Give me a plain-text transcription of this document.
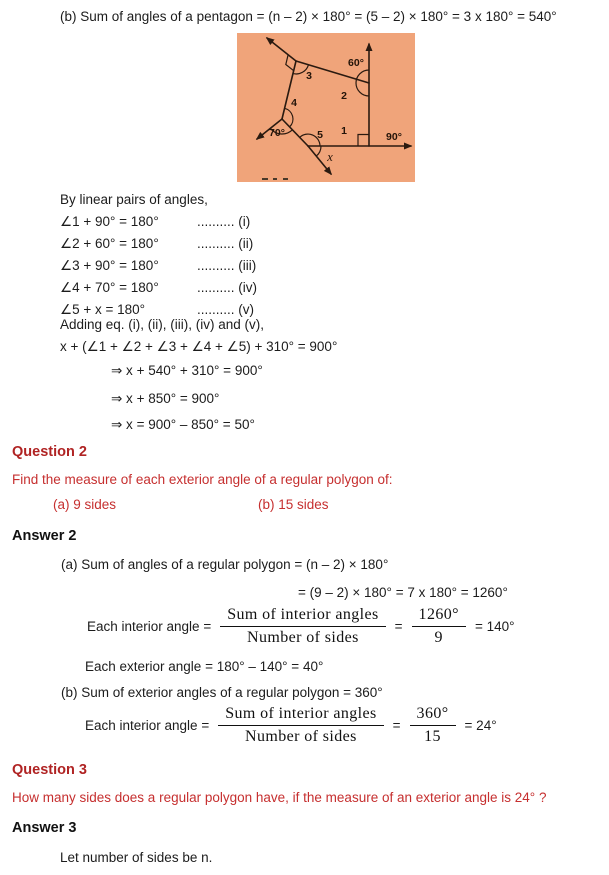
(b) Sum of angles of a pentagon = (n – 2) × 180° = (5 – 2) × 180° = 3 x 180° = 540°
3
60°
2
4
70°	5 1	90°
x
By linear pairs of angles,
∠1 + 90° = 180°	.......... (i)
∠2 + 60° = 180°	.......... (ii)
∠3 + 90° = 180°	.......... (iii)
∠4 + 70° = 180°	.......... (iv)
∠5 + x = 180°	.......... (v)
Adding eq. (i), (ii), (iii), (iv) and (v),
x + (∠1 + ∠2 + ∠3 + ∠4 + ∠5) + 310° = 900°
⇒ x + 540° + 310° = 900°
⇒ x + 850° = 900°
⇒ x = 900° – 850° = 50°
Question 2
Find the measure of each exterior angle of a regular polygon of:
(a) 9 sides	(b) 15 sides
Answer 2
(a) Sum of angles of a regular polygon = (n – 2) × 180°
= (9 – 2) × 180° = 7 x 180° = 1260°
Each interior angle = $\frac{\text{Sum of interior angles}}{\text{Number of sides}} = \frac{1260^\circ}{9} = 140^\circ$
Each exterior angle = 180° – 140° = 40°
(b) Sum of exterior angles of a regular polygon = 360°
Each interior angle = $\frac{\text{Sum of interior angles}}{\text{Number of sides}} = \frac{360^\circ}{15} = 24^\circ$
Question 3
How many sides does a regular polygon have, if the measure of an exterior angle is 24° ?
Answer 3
Let number of sides be n.
